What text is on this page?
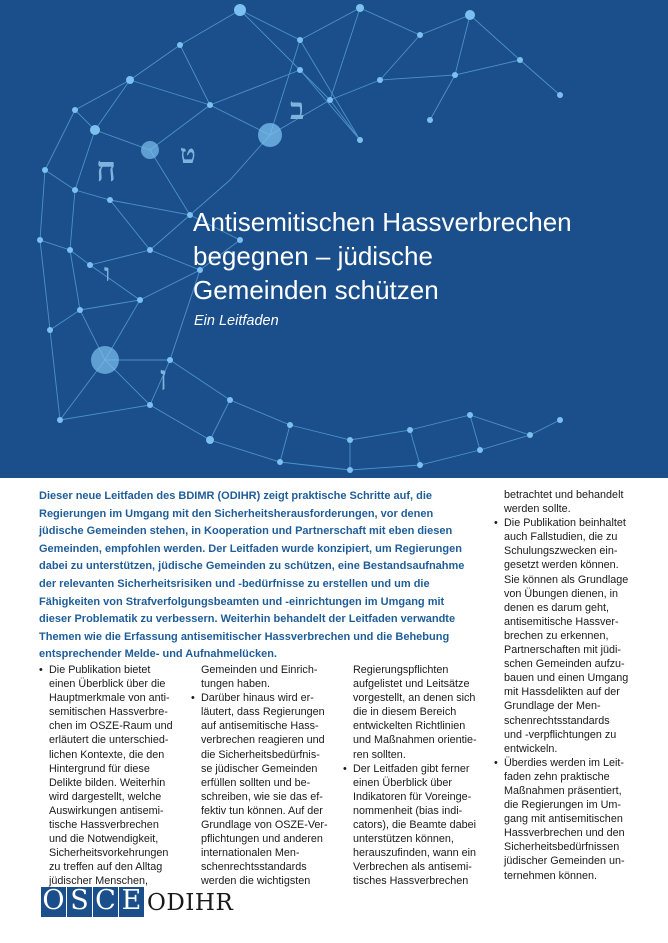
ב
ח ט
ו
ן
Antisemitischen Hassverbrechen
begegnen – jüdische
Gemeinden schützen

Ein Leitfaden

Dieser neue Leitfaden des BDIMR (ODIHR) zeigt praktische Schritte auf, die
Regierungen im Umgang mit den Sicherheitsherausforderungen, vor denen
jüdische Gemeinden stehen, in Kooperation und Partnerschaft mit eben diesen
Gemeinden, empfohlen werden. Der Leitfaden wurde konzipiert, um Regierungen
dabei zu unterstützen, jüdische Gemeinden zu schützen, eine Bestandsaufnahme
der relevanten Sicherheitsrisiken und -bedürfnisse zu erstellen und um die
Fähigkeiten von Strafverfolgungsbeamten und -einrichtungen im Umgang mit
dieser Problematik zu verbessern. Weiterhin behandelt der Leitfaden verwandte
Themen wie die Erfassung antisemitischer Hassverbrechen und die Behebung
entsprechender Melde- und Aufnahmelücken.

• Die Publikation bietet
einen Überblick über die
Hauptmerkmale von anti-
semitischen Hassverbre-
chen im OSZE-Raum und
erläutert die unterschied-
lichen Kontexte, die den
Hintergrund für diese
Delikte bilden. Weiterhin
wird dargestellt, welche
Auswirkungen antisemi-
tische Hassverbrechen
und die Notwendigkeit,
Sicherheitsvorkehrungen
zu treffen auf den Alltag
jüdischer Menschen,
Gemeinden und Einrich-
tungen haben.
• Darüber hinaus wird er-
läutert, dass Regierungen
auf antisemitische Hass-
verbrechen reagieren und
die Sicherheitsbedürfnis-
se jüdischer Gemeinden
erfüllen sollten und be-
schreiben, wie sie das ef-
fektiv tun können. Auf der
Grundlage von OSZE-Ver-
pflichtungen und anderen
internationalen Men-
schenrechtsstandards
werden die wichtigsten
Regierungspflichten
aufgelistet und Leitsätze
vorgestellt, an denen sich
die in diesem Bereich
entwickelten Richtlinien
und Maßnahmen orientie-
ren sollten.
• Der Leitfaden gibt ferner
einen Überblick über
Indikatoren für Voreinge-
nommenheit (bias indi-
cators), die Beamte dabei
unterstützen können,
herauszufinden, wann ein
Verbrechen als antisemi-
tisches Hassverbrechen
betrachtet und behandelt
werden sollte.
• Die Publikation beinhaltet
auch Fallstudien, die zu
Schulungszwecken ein-
gesetzt werden können.
Sie können als Grundlage
von Übungen dienen, in
denen es darum geht,
antisemitische Hassver-
brechen zu erkennen,
Partnerschaften mit jüdi-
schen Gemeinden aufzu-
bauen und einen Umgang
mit Hassdelikten auf der
Grundlage der Men-
schenrechtsstandards
und -verpflichtungen zu
entwickeln.
• Überdies werden im Leit-
faden zehn praktische
Maßnahmen präsentiert,
die Regierungen im Um-
gang mit antisemitischen
Hassverbrechen und den
Sicherheitsbedürfnissen
jüdischer Gemeinden un-
ternehmen können.
O S C E ODIHR
